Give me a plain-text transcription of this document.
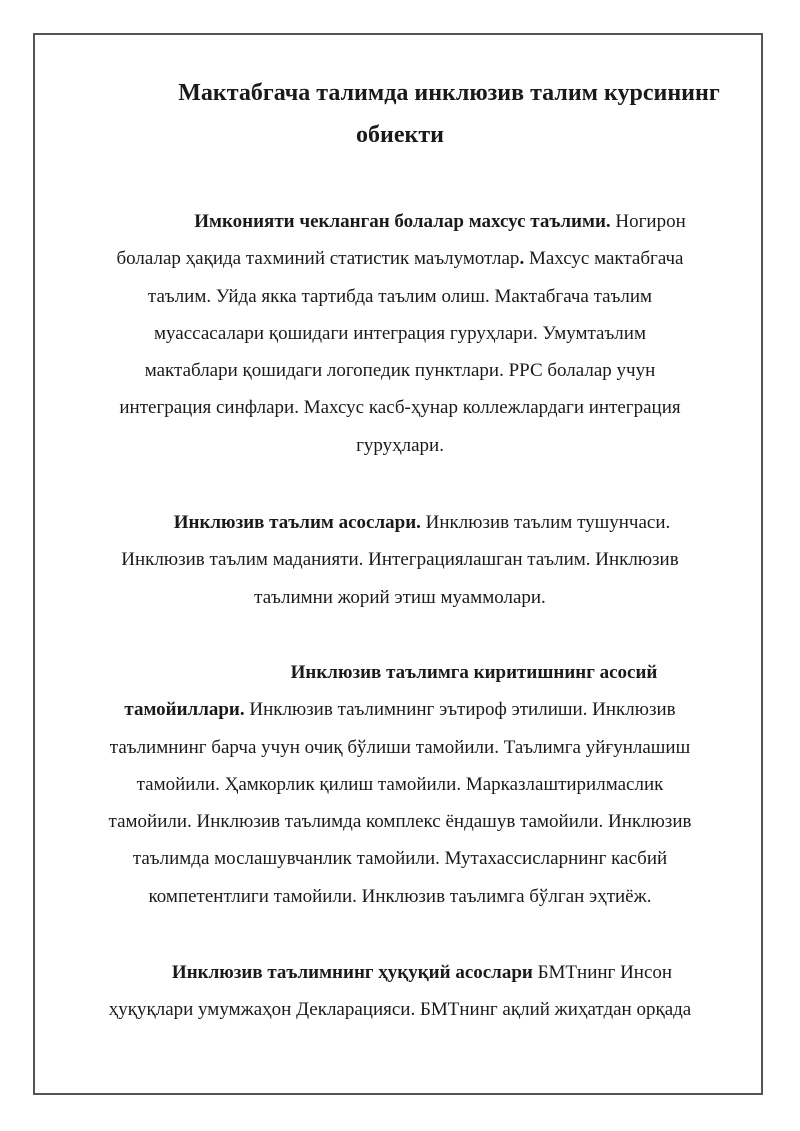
Мактабгача талимда инклюзив талим курсининг
обиекти

Имконияти чекланган болалар махсус таълими. Ногирон
болалар ҳақида тахминий статистик маълумотлар. Махсус мактабгача
таълим. Уйда якка тартибда таълим олиш. Мактабгача таълим
муассасалари қошидаги интеграция гуруҳлари. Умумтаълим
мактаблари қошидаги логопедик пунктлари. РРС болалар учун
интеграция синфлари. Махсус касб-ҳунар коллежлардаги интеграция
гуруҳлари.

Инклюзив таълим асослари. Инклюзив таълим тушунчаси.
Инклюзив таълим маданияти. Интеграциялашган таълим. Инклюзив
таълимни жорий этиш муаммолари.

Инклюзив таълимга киритишнинг асосий
тамойиллари. Инклюзив таълимнинг эътироф этилиши. Инклюзив
таълимнинг барча учун очиқ бўлиши тамойили. Таълимга уйғунлашиш
тамойили. Ҳамкорлик қилиш тамойили. Марказлаштирилмаслик
тамойили. Инклюзив таълимда комплекс ёндашув тамойили. Инклюзив
таълимда мослашувчанлик тамойили. Мутахассисларнинг касбий
компетентлиги тамойили. Инклюзив таълимга бўлган эҳтиёж.

Инклюзив таълимнинг ҳуқуқий асослари БМТнинг Инсон
ҳуқуқлари умумжаҳон Декларацияси. БМТнинг ақлий жиҳатдан орқада
